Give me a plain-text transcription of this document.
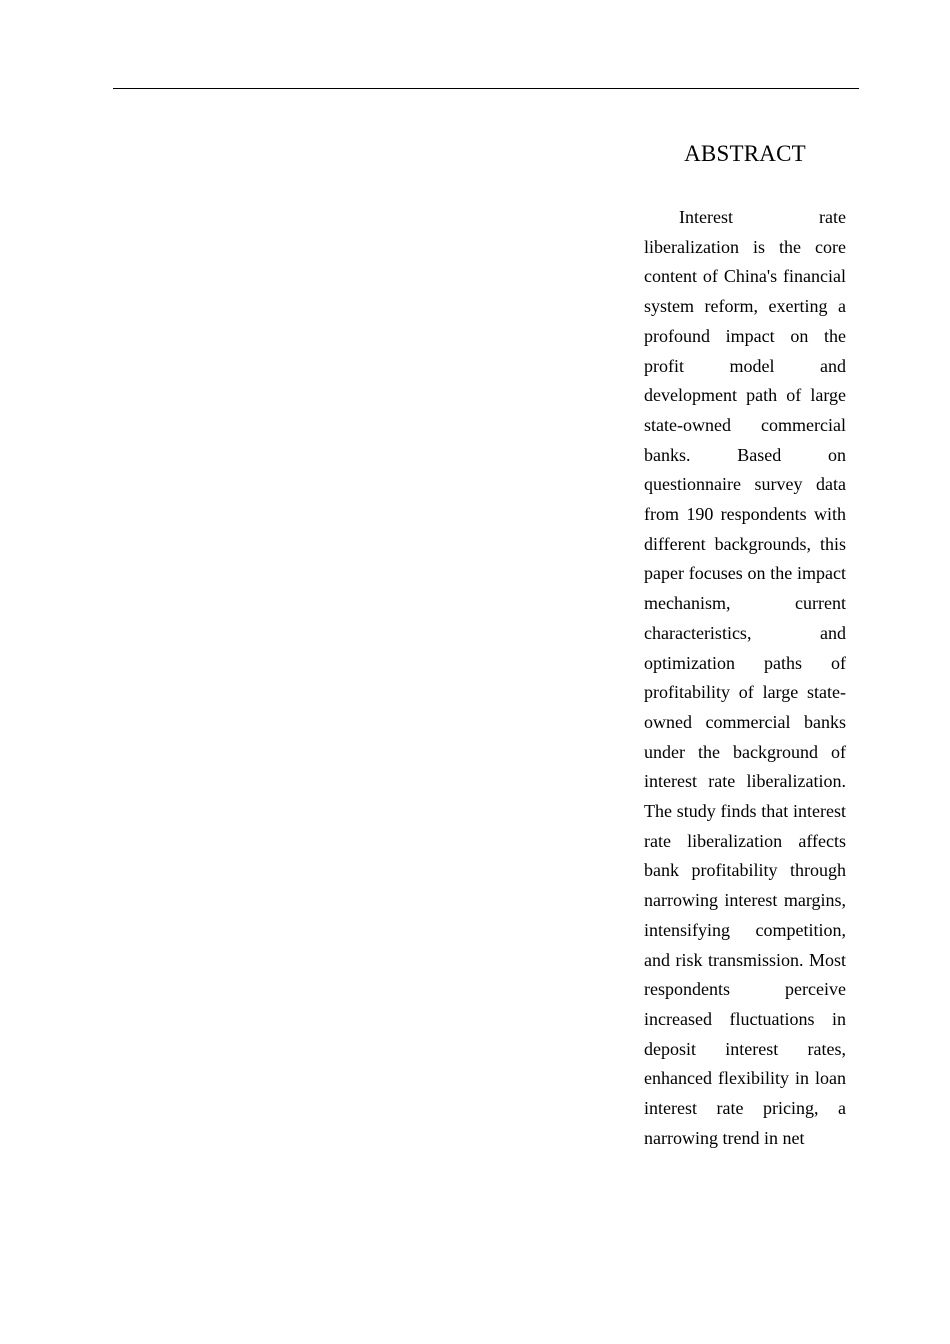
ABSTRACT

Interest rate liberalization is the core content of China's financial system reform, exerting a profound impact on the profit model and development path of large state-owned commercial banks. Based on questionnaire survey data from 190 respondents with different backgrounds, this paper focuses on the impact mechanism, current characteristics, and optimization paths of profitability of large state-owned commercial banks under the background of interest rate liberalization. The study finds that interest rate liberalization affects bank profitability through narrowing interest margins, intensifying competition, and risk transmission. Most respondents perceive increased fluctuations in deposit interest rates, enhanced flexibility in loan interest rate pricing, a narrowing trend in net
